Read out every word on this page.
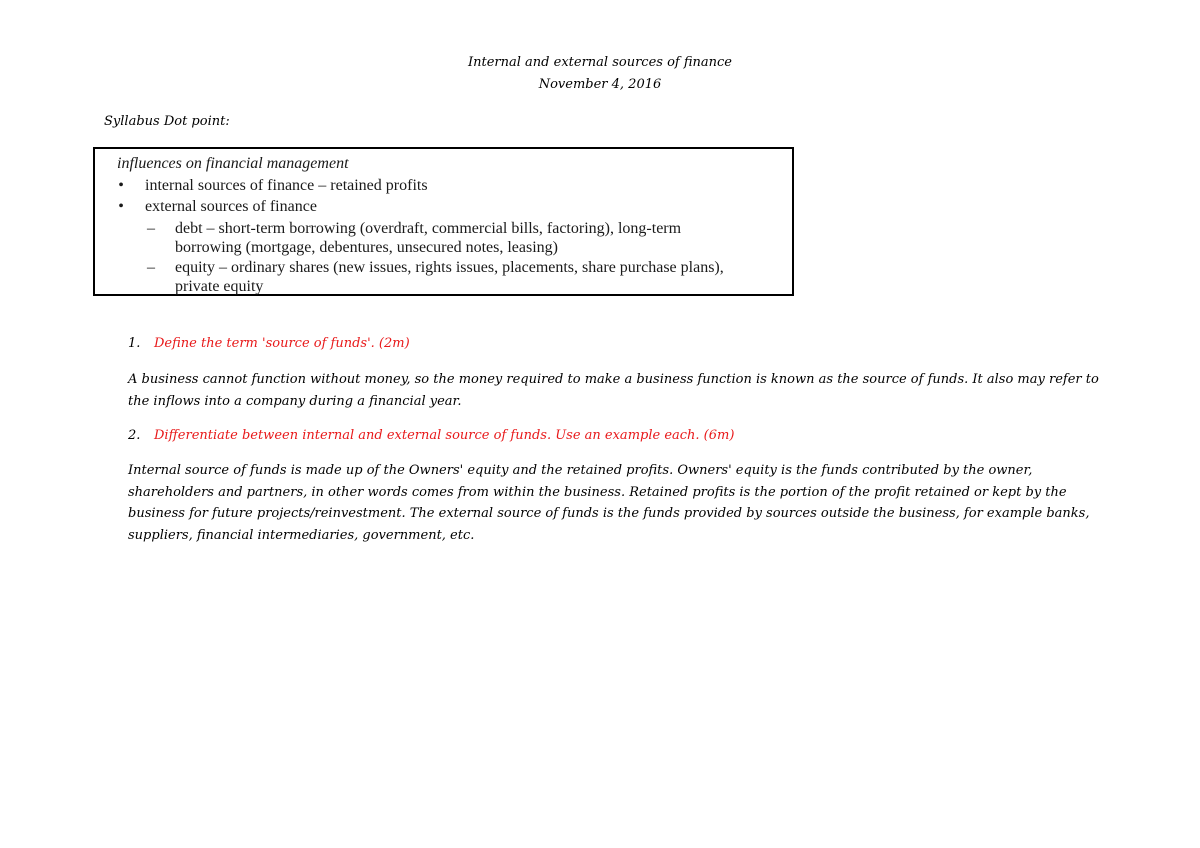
Internal and external sources of finance
November 4, 2016
Syllabus Dot point:
influences on financial management
• internal sources of finance – retained profits
• external sources of finance
– debt – short-term borrowing (overdraft, commercial bills, factoring), long-term
borrowing (mortgage, debentures, unsecured notes, leasing)
– equity – ordinary shares (new issues, rights issues, placements, share purchase plans),
private equity
1. Define the term 'source of funds'. (2m)
A business cannot function without money, so the money required to make a business function is known as the source of funds. It also may refer to the inflows into a company during a financial year.
2. Differentiate between internal and external source of funds. Use an example each. (6m)
Internal source of funds is made up of the Owners' equity and the retained profits. Owners' equity is the funds contributed by the owner, shareholders and partners, in other words comes from within the business. Retained profits is the portion of the profit retained or kept by the business for future projects/reinvestment. The external source of funds is the funds provided by sources outside the business, for example banks, suppliers, financial intermediaries, government, etc.
